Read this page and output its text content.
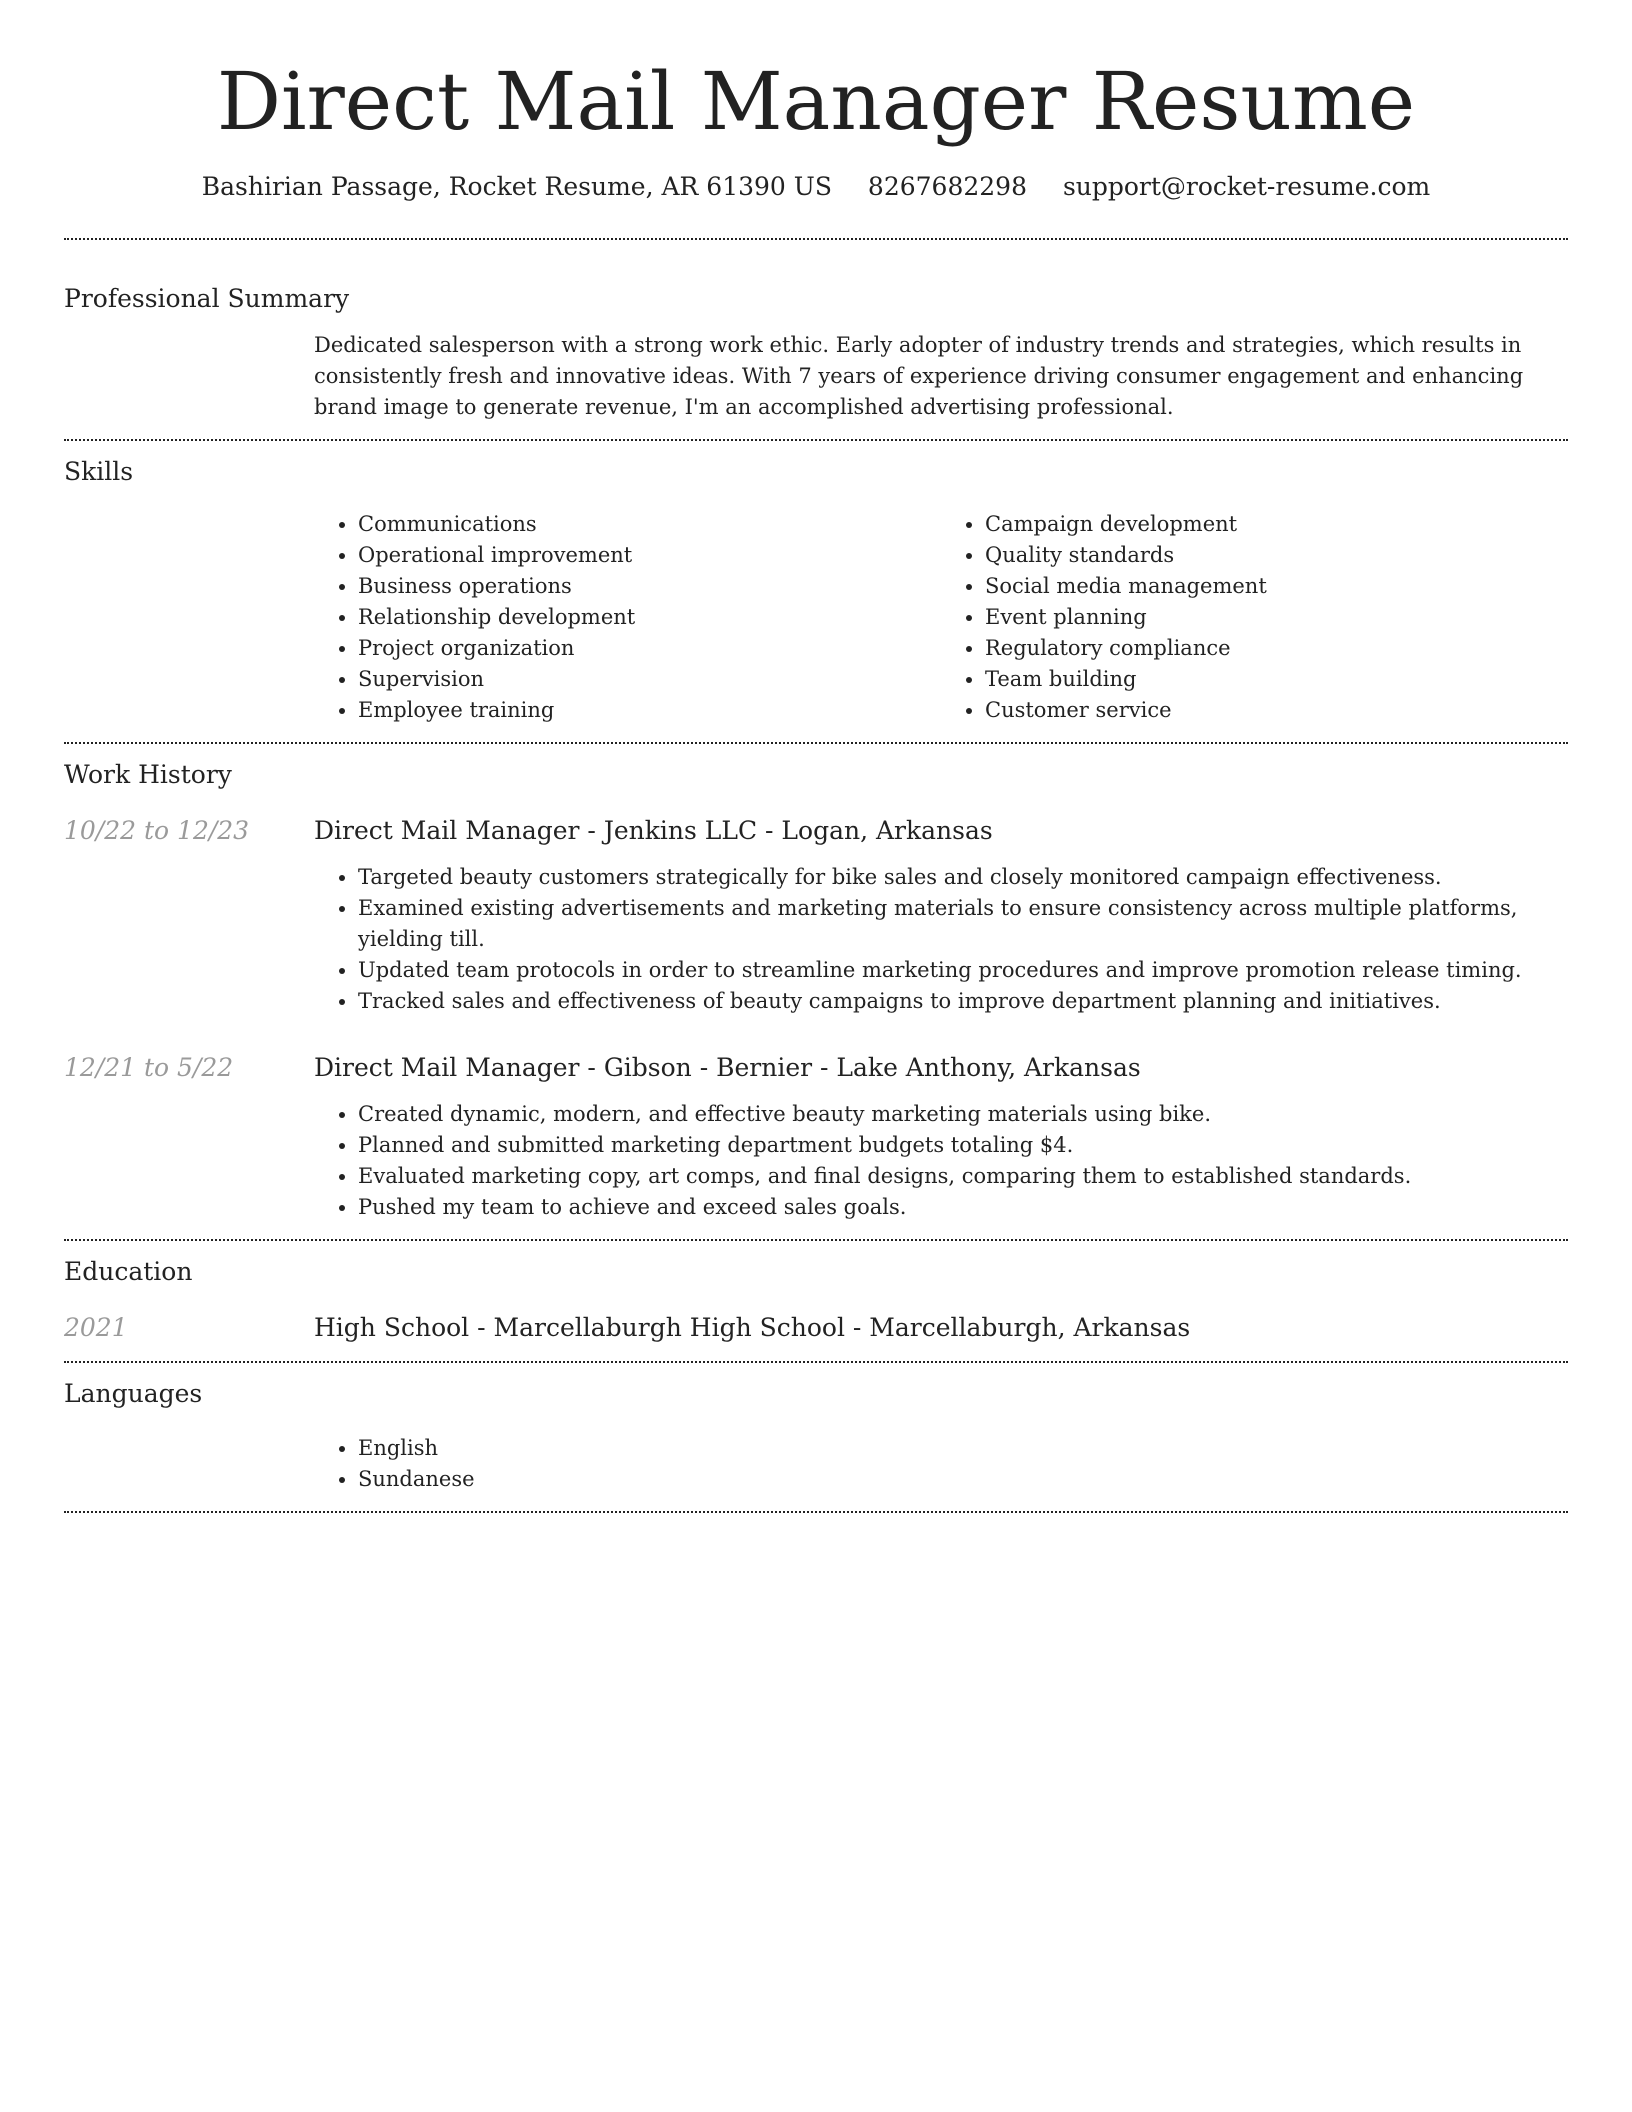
Direct Mail Manager Resume
Bashirian Passage, Rocket Resume, AR 61390 US 8267682298 support@rocket-resume.com
Professional Summary

Dedicated salesperson with a strong work ethic. Early adopter of industry trends and strategies, which results in consistently fresh and innovative ideas. With 7 years of experience driving consumer engagement and enhancing brand image to generate revenue, I'm an accomplished advertising professional.

Skills
• Communications
• Operational improvement
• Business operations
• Relationship development
• Project organization
• Supervision
• Employee training
• Campaign development
• Quality standards
• Social media management
• Event planning
• Regulatory compliance
• Team building
• Customer service
Work History
10/22 to 12/23	Direct Mail Manager - Jenkins LLC - Logan, Arkansas
• Targeted beauty customers strategically for bike sales and closely monitored campaign effectiveness.
• Examined existing advertisements and marketing materials to ensure consistency across multiple platforms, yielding till.
• Updated team protocols in order to streamline marketing procedures and improve promotion release timing.
• Tracked sales and effectiveness of beauty campaigns to improve department planning and initiatives.
12/21 to 5/22	Direct Mail Manager - Gibson - Bernier - Lake Anthony, Arkansas
• Created dynamic, modern, and effective beauty marketing materials using bike.
• Planned and submitted marketing department budgets totaling $4.
• Evaluated marketing copy, art comps, and final designs, comparing them to established standards.
• Pushed my team to achieve and exceed sales goals.
Education
2021	High School - Marcellaburgh High School - Marcellaburgh, Arkansas
Languages
• English
• Sundanese
